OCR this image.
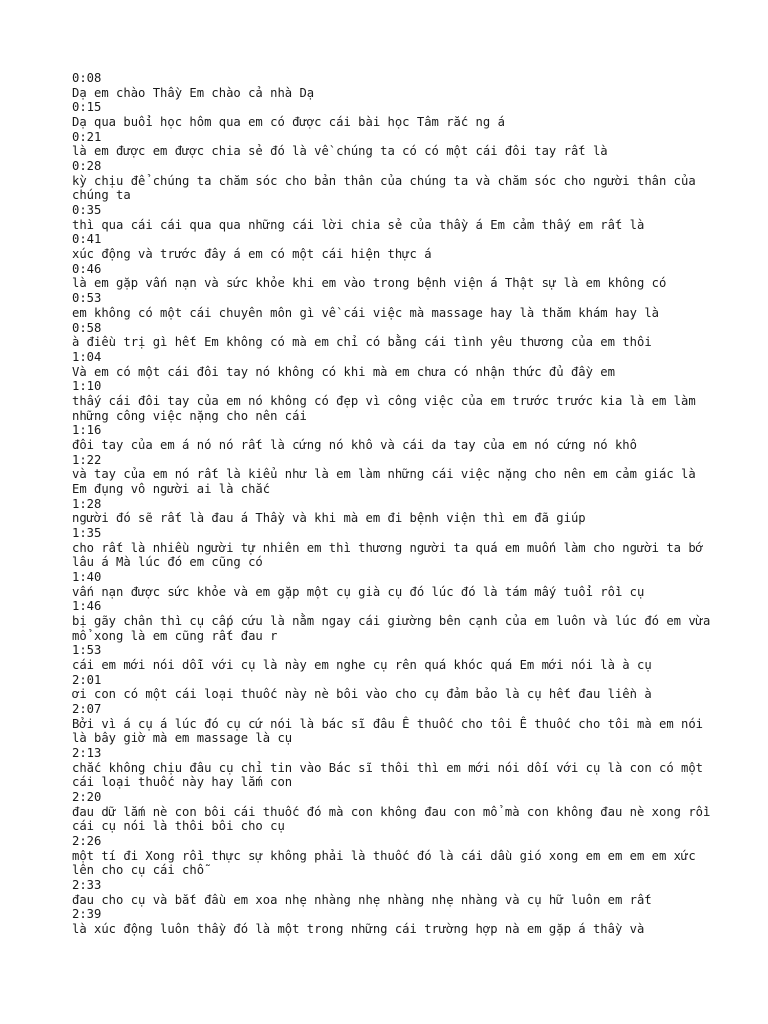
0:08
Dạ em chào Thầy Em chào cả nhà Dạ
0:15
Dạ qua buổi học hôm qua em có được cái bài học Tâm rắc ng á
0:21
là em được em được chia sẻ đó là về chúng ta có có một cái đôi tay rất là
0:28
kỳ chịu để chúng ta chăm sóc cho bản thân của chúng ta và chăm sóc cho người thân của chúng ta
0:35
thì qua cái cái qua qua những cái lời chia sẻ của thầy á Em cảm thấy em rất là
0:41
xúc động và trước đây á em có một cái hiện thực á
0:46
là em gặp vấn nạn và sức khỏe khi em vào trong bệnh viện á Thật sự là em không có
0:53
em không có một cái chuyên môn gì về cái việc mà massage hay là thăm khám hay là
0:58
à điều trị gì hết Em không có mà em chỉ có bằng cái tình yêu thương của em thôi
1:04
Và em có một cái đôi tay nó không có khi mà em chưa có nhận thức đủ đầy em
1:10
thấy cái đôi tay của em nó không có đẹp vì công việc của em trước trước kia là em làm những công việc nặng cho nên cái
1:16
đôi tay của em á nó nó rất là cứng nó khô và cái da tay của em nó cứng nó khô
1:22
và tay của em nó rất là kiểu như là em làm những cái việc nặng cho nên em cảm giác là Em đụng vô người ai là chắc
1:28
người đó sẽ rất là đau á Thầy và khi mà em đi bệnh viện thì em đã giúp
1:35
cho rất là nhiều người tự nhiên em thì thương người ta quá em muốn làm cho người ta bớ lâu á Mà lúc đó em cũng có
1:40
vấn nạn được sức khỏe và em gặp một cụ già cụ đó lúc đó là tám mấy tuổi rồi cụ
1:46
bị gãy chân thì cụ cấp cứu là nằm ngay cái giường bên cạnh của em luôn và lúc đó em vừa mổ xong là em cũng rất đau r
1:53
cái em mới nói dỗi với cụ là này em nghe cụ rên quá khóc quá Em mới nói là à cụ
2:01
ơi con có một cái loại thuốc này nè bôi vào cho cụ đảm bảo là cụ hết đau liền à
2:07
Bởi vì á cụ á lúc đó cụ cứ nói là bác sĩ đâu Ê thuốc cho tôi Ê thuốc cho tôi mà em nói là bây giờ mà em massage là cụ
2:13
chắc không chịu đâu cụ chỉ tin vào Bác sĩ thôi thì em mới nói dối với cụ là con có một cái loại thuốc này hay lắm con
2:20
đau dữ lắm nè con bôi cái thuốc đó mà con không đau con mổ mà con không đau nè xong rồi cái cụ nói là thôi bôi cho cụ
2:26
một tí đi Xong rồi thực sự không phải là thuốc đó là cái dầu gió xong em em em em xức lên cho cụ cái chỗ
2:33
đau cho cụ và bắt đầu em xoa nhẹ nhàng nhẹ nhàng nhẹ nhàng và cụ hữ luôn em rất
2:39
là xúc động luôn thầy đó là một trong những cái trường hợp nà em gặp á thầy và
